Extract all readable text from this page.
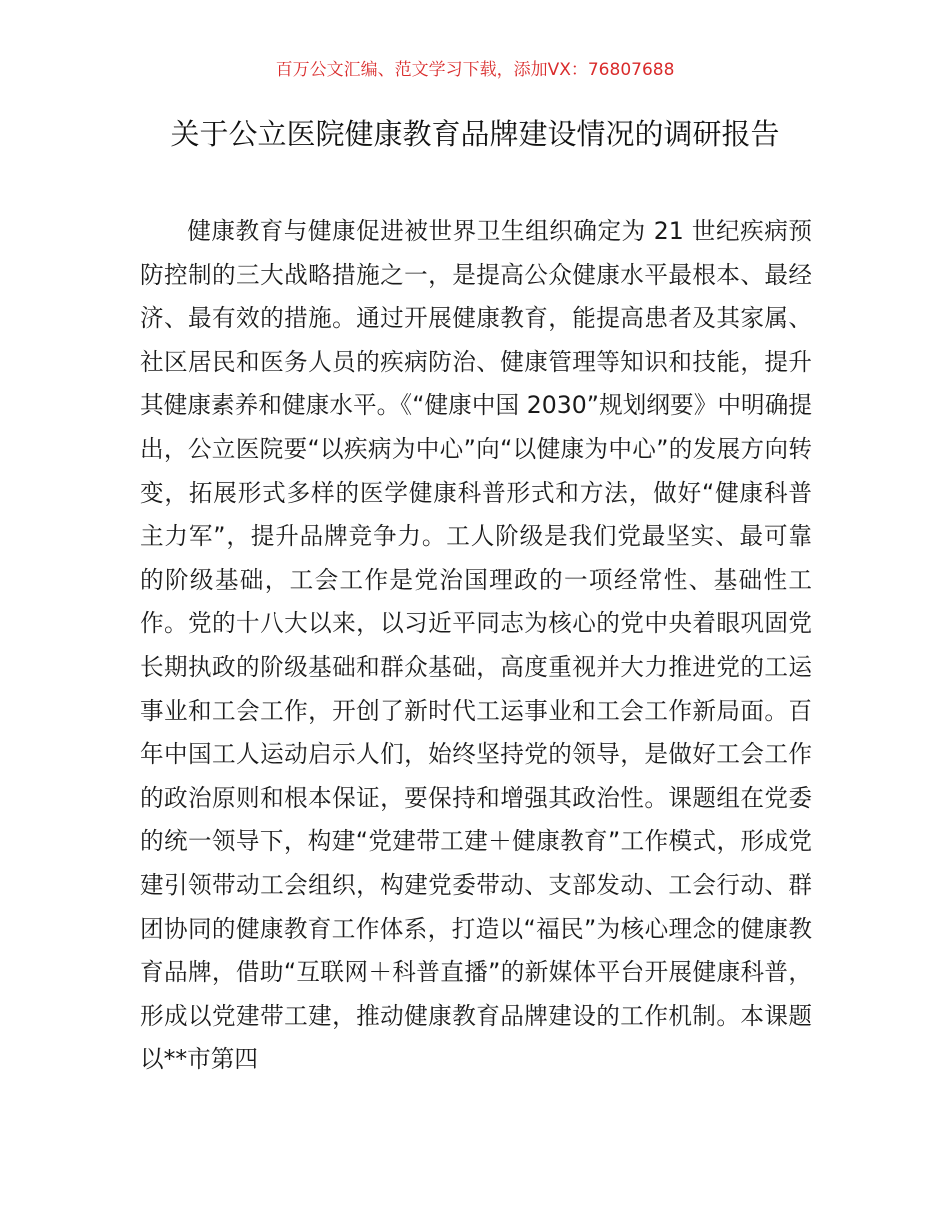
百万公文汇编、范文学习下载，添加VX：76807688
关于公立医院健康教育品牌建设情况的调研报告

健康教育与健康促进被世界卫生组织确定为 21 世纪疾病预防控制的三大战略措施之一，是提高公众健康水平最根本、最经济、最有效的措施。通过开展健康教育，能提高患者及其家属、社区居民和医务人员的疾病防治、健康管理等知识和技能，提升其健康素养和健康水平。《“健康中国 2030”规划纲要》中明确提出，公立医院要“以疾病为中心”向“以健康为中心”的发展方向转变，拓展形式多样的医学健康科普形式和方法，做好“健康科普主力军”，提升品牌竞争力。工人阶级是我们党最坚实、最可靠的阶级基础，工会工作是党治国理政的一项经常性、基础性工作。党的十八大以来，以习近平同志为核心的党中央着眼巩固党长期执政的阶级基础和群众基础，高度重视并大力推进党的工运事业和工会工作，开创了新时代工运事业和工会工作新局面。百年中国工人运动启示人们，始终坚持党的领导，是做好工会工作的政治原则和根本保证，要保持和增强其政治性。课题组在党委的统一领导下，构建“党建带工建＋健康教育”工作模式，形成党建引领带动工会组织，构建党委带动、支部发动、工会行动、群团协同的健康教育工作体系，打造以“福民”为核心理念的健康教育品牌，借助“互联网＋科普直播”的新媒体平台开展健康科普，形成以党建带工建，推动健康教育品牌建设的工作机制。本课题以**市第四
